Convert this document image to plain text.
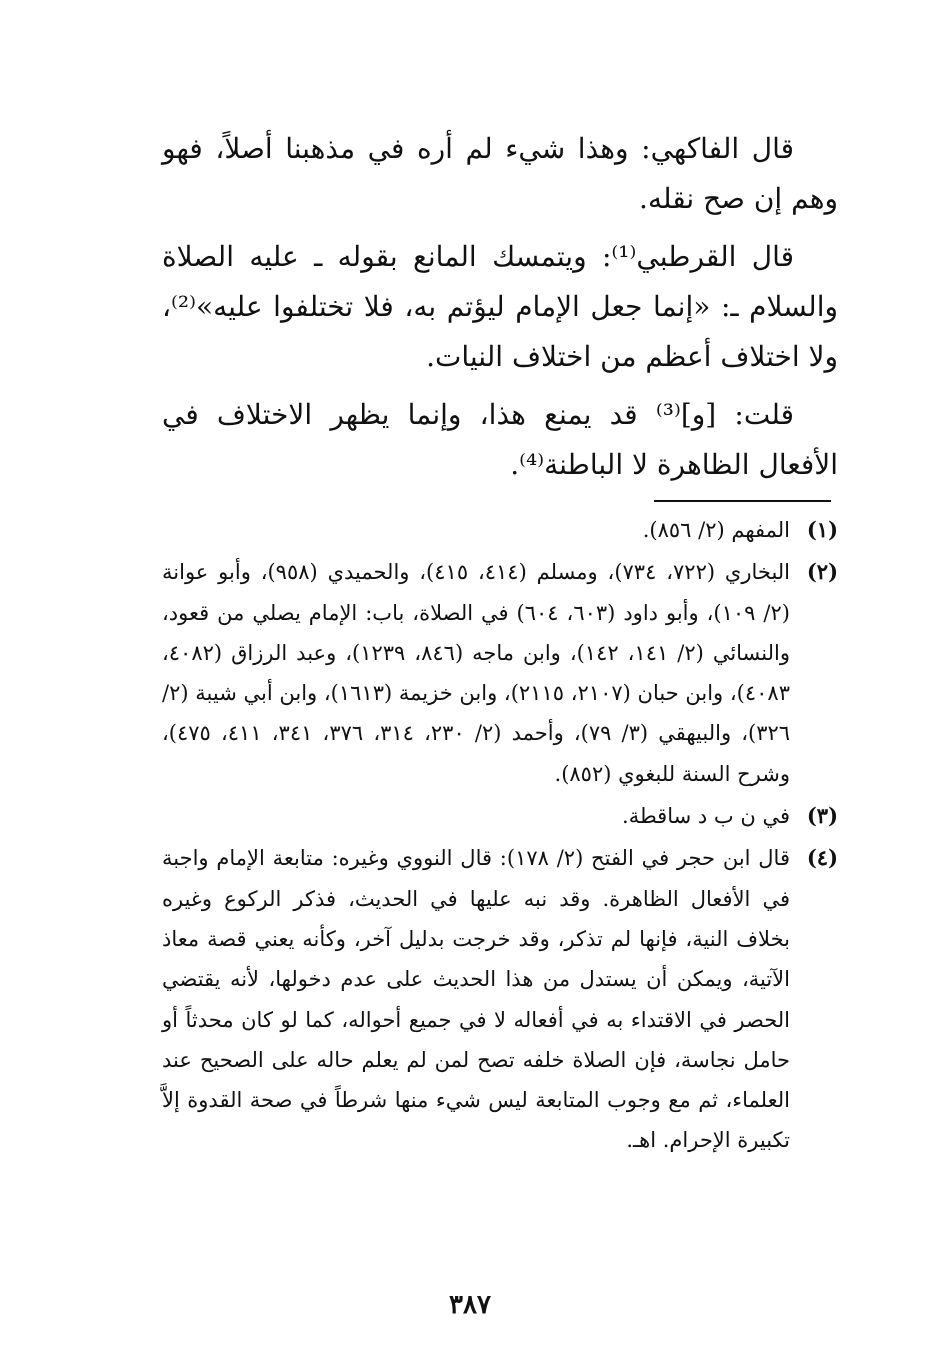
قال الفاكهي: وهذا شيء لم أره في مذهبنا أصلاً، فهو وهم إن صح نقله.

قال القرطبي⁽¹⁾: ويتمسك المانع بقوله ـ عليه الصلاة والسلام ـ: «إنما جعل الإمام ليؤتم به، فلا تختلفوا عليه»⁽²⁾، ولا اختلاف أعظم من اختلاف النيات.

قلت: [و]⁽³⁾ قد يمنع هذا، وإنما يظهر الاختلاف في الأفعال الظاهرة لا الباطنة⁽⁴⁾.

(١)
المفهم (٢/ ٨٥٦).
(٢)
البخاري (٧٢٢، ٧٣٤)، ومسلم (٤١٤، ٤١٥)، والحميدي (٩٥٨)، وأبو عوانة (٢/ ١٠٩)، وأبو داود (٦٠٣، ٦٠٤) في الصلاة، باب: الإمام يصلي من قعود، والنسائي (٢/ ١٤١، ١٤٢)، وابن ماجه (٨٤٦، ١٢٣٩)، وعبد الرزاق (٤٠٨٢، ٤٠٨٣)، وابن حبان (٢١٠٧، ٢١١٥)، وابن خزيمة (١٦١٣)، وابن أبي شيبة (٢/ ٣٢٦)، والبيهقي (٣/ ٧٩)، وأحمد (٢/ ٢٣٠، ٣١٤، ٣٧٦، ٣٤١، ٤١١، ٤٧٥)، وشرح السنة للبغوي (٨٥٢).
(٣)
في ن ب د ساقطة.
(٤)
قال ابن حجر في الفتح (٢/ ١٧٨): قال النووي وغيره: متابعة الإمام واجبة في الأفعال الظاهرة. وقد نبه عليها في الحديث، فذكر الركوع وغيره بخلاف النية، فإنها لم تذكر، وقد خرجت بدليل آخر، وكأنه يعني قصة معاذ الآتية، ويمكن أن يستدل من هذا الحديث على عدم دخولها، لأنه يقتضي الحصر في الاقتداء به في أفعاله لا في جميع أحواله، كما لو كان محدثاً أو حامل نجاسة، فإن الصلاة خلفه تصح لمن لم يعلم حاله على الصحيح عند العلماء، ثم مع وجوب المتابعة ليس شيء منها شرطاً في صحة القدوة إلاَّ تكبيرة الإحرام. اهـ.
٣٨٧
